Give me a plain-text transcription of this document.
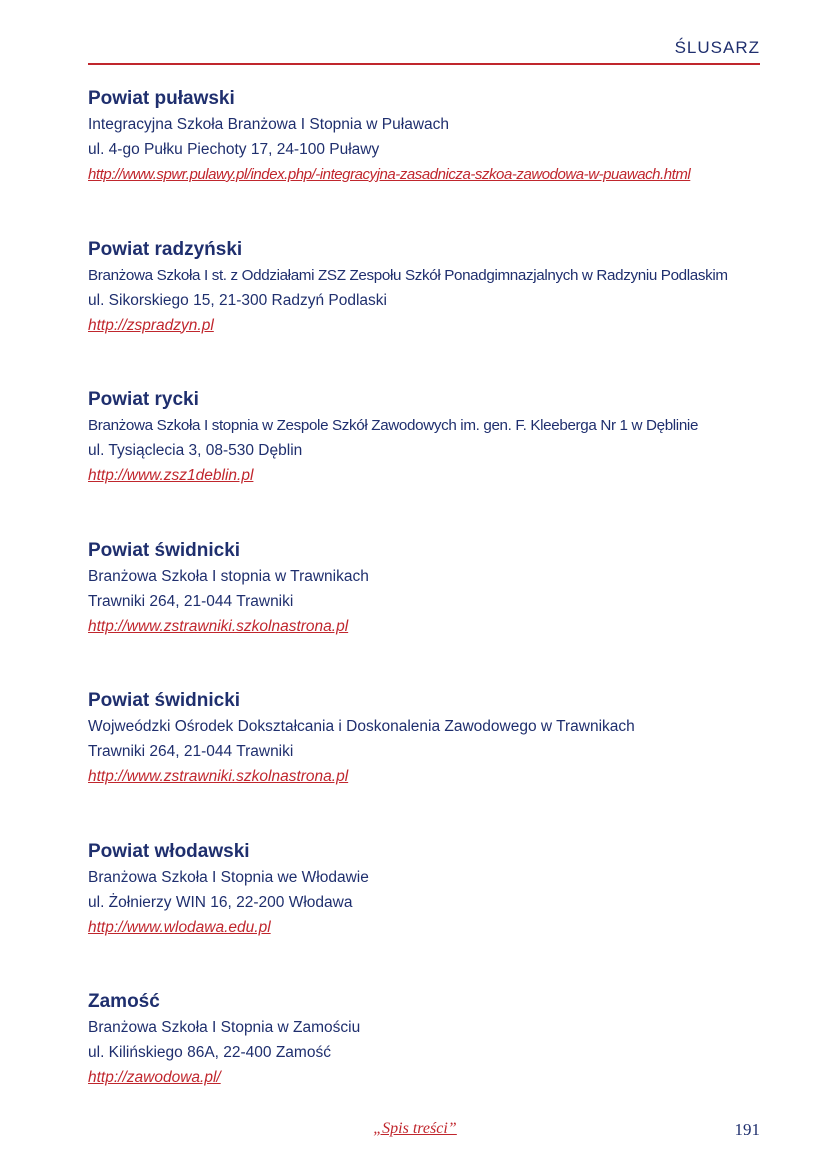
ŚLUSARZ
Powiat puławski
Integracyjna Szkoła Branżowa I Stopnia w Puławach
ul. 4-go Pułku Piechoty 17, 24-100 Puławy
http://www.spwr.pulawy.pl/index.php/-integracyjna-zasadnicza-szkoa-zawodowa-w-puawach.html
Powiat radzyński
Branżowa Szkoła I st. z Oddziałami ZSZ Zespołu Szkół Ponadgimnazjalnych w Radzyniu Podlaskim
ul. Sikorskiego 15, 21-300 Radzyń Podlaski
http://zspradzyn.pl
Powiat rycki
Branżowa Szkoła I stopnia w Zespole Szkół Zawodowych im. gen. F. Kleeberga Nr 1 w Dęblinie
ul. Tysiąclecia 3, 08-530 Dęblin
http://www.zsz1deblin.pl
Powiat świdnicki
Branżowa Szkoła I stopnia w Trawnikach
Trawniki 264, 21-044 Trawniki
http://www.zstrawniki.szkolnastrona.pl
Powiat świdnicki
Wojweódzki Ośrodek Dokształcania i Doskonalenia Zawodowego w Trawnikach
Trawniki 264, 21-044 Trawniki
http://www.zstrawniki.szkolnastrona.pl
Powiat włodawski
Branżowa Szkoła I Stopnia we Włodawie
ul. Żołnierzy WIN 16, 22-200 Włodawa
http://www.wlodawa.edu.pl
Zamość
Branżowa Szkoła I Stopnia w Zamościu
ul. Kilińskiego 86A, 22-400 Zamość
http://zawodowa.pl/
„Spis treści”	191
